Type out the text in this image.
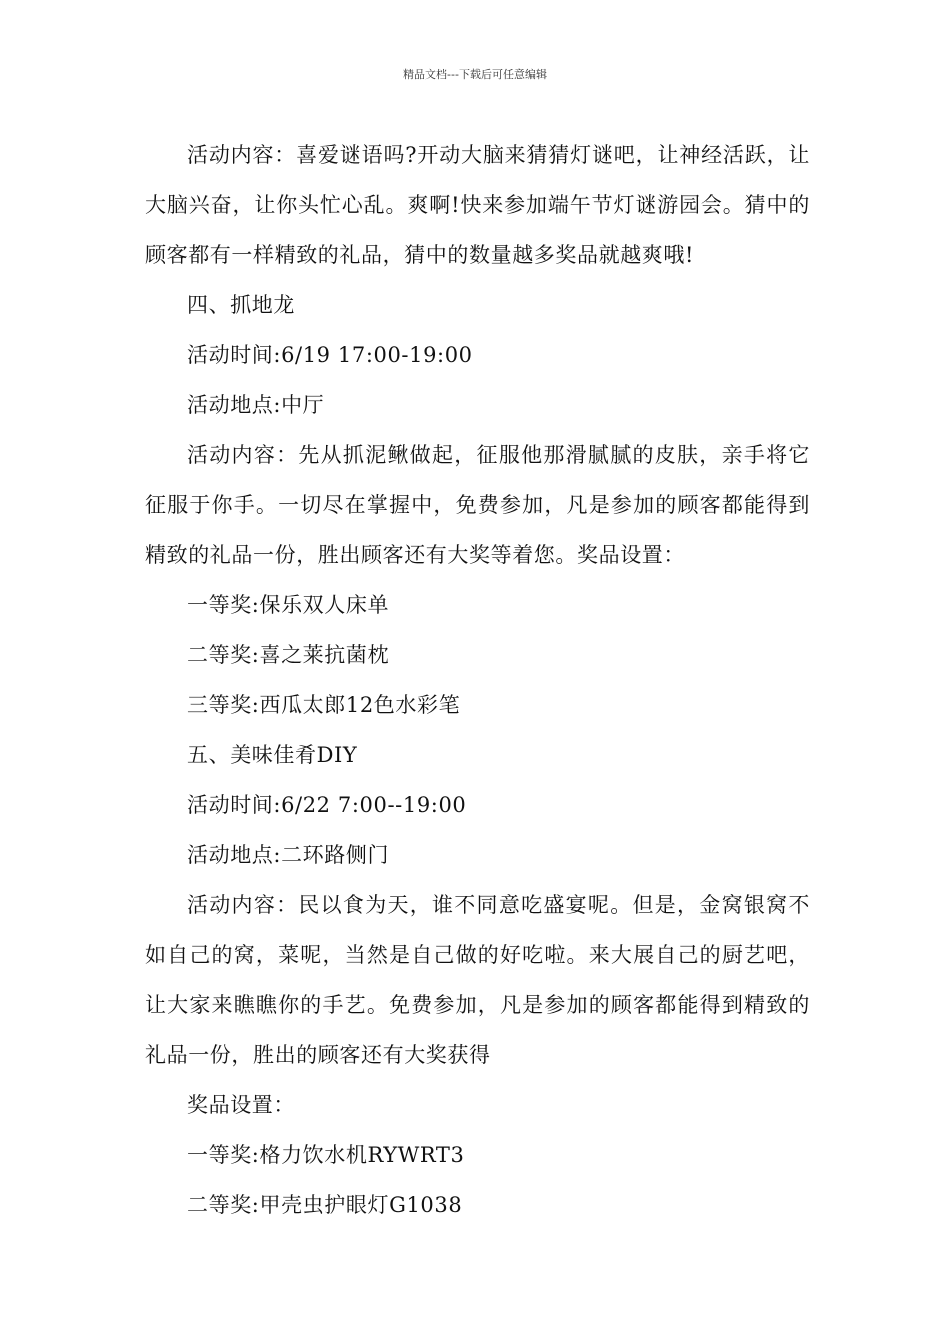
精品文档---下载后可任意编辑

活动内容：喜爱谜语吗?开动大脑来猜猜灯谜吧，让神经活跃，让大脑兴奋，让你头忙心乱。爽啊!快来参加端午节灯谜游园会。猜中的顾客都有一样精致的礼品，猜中的数量越多奖品就越爽哦!

四、抓地龙

活动时间:6/19 17:00-19:00

活动地点:中厅

活动内容：先从抓泥鳅做起，征服他那滑腻腻的皮肤，亲手将它征服于你手。一切尽在掌握中，免费参加，凡是参加的顾客都能得到精致的礼品一份，胜出顾客还有大奖等着您。奖品设置：

一等奖:保乐双人床单

二等奖:喜之莱抗菌枕

三等奖:西瓜太郎12色水彩笔

五、美味佳肴DIY

活动时间:6/22 7:00--19:00

活动地点:二环路侧门

活动内容：民以食为天，谁不同意吃盛宴呢。但是，金窝银窝不如自己的窝，菜呢，当然是自己做的好吃啦。来大展自己的厨艺吧，让大家来瞧瞧你的手艺。免费参加，凡是参加的顾客都能得到精致的礼品一份，胜出的顾客还有大奖获得

奖品设置：

一等奖:格力饮水机RYWRT3

二等奖:甲壳虫护眼灯G1038
